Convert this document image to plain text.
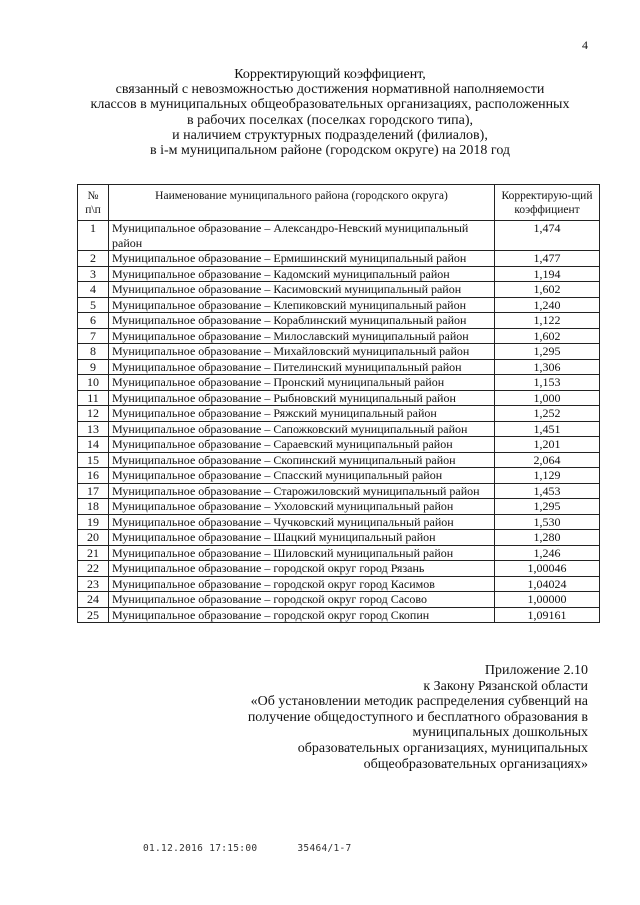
4
Корректирующий коэффициент,
связанный с невозможностью достижения нормативной наполняемости
классов в муниципальных общеобразовательных организациях, расположенных
в рабочих поселках (поселках городского типа),
и наличием структурных подразделений (филиалов),
в i-м муниципальном районе (городском округе) на 2018 год
№ п\п	Наименование муниципального района (городского округа)	Корректирую-щий коэффициент
1	Муниципальное образование – Александро-Невский муниципальный район	1,474
2	Муниципальное образование – Ермишинский муниципальный район	1,477
3	Муниципальное образование – Кадомский муниципальный район	1,194
4	Муниципальное образование – Касимовский муниципальный район	1,602
5	Муниципальное образование – Клепиковский муниципальный район	1,240
6	Муниципальное образование – Кораблинский муниципальный район	1,122
7	Муниципальное образование – Милославский муниципальный район	1,602
8	Муниципальное образование – Михайловский муниципальный район	1,295
9	Муниципальное образование – Пителинский муниципальный район	1,306
10	Муниципальное образование – Пронский муниципальный район	1,153
11	Муниципальное образование – Рыбновский муниципальный район	1,000
12	Муниципальное образование – Ряжский муниципальный район	1,252
13	Муниципальное образование – Сапожковский муниципальный район	1,451
14	Муниципальное образование – Сараевский муниципальный район	1,201
15	Муниципальное образование – Скопинский муниципальный район	2,064
16	Муниципальное образование – Спасский муниципальный район	1,129
17	Муниципальное образование – Старожиловский муниципальный район	1,453
18	Муниципальное образование – Ухоловский муниципальный район	1,295
19	Муниципальное образование – Чучковский муниципальный район	1,530
20	Муниципальное образование – Шацкий муниципальный район	1,280
21	Муниципальное образование – Шиловский муниципальный район	1,246
22	Муниципальное образование – городской округ город Рязань	1,00046
23	Муниципальное образование – городской округ город Касимов	1,04024
24	Муниципальное образование – городской округ город Сасово	1,00000
25	Муниципальное образование – городской округ город Скопин	1,09161
Приложение 2.10
к Закону Рязанской области
«Об установлении методик распределения субвенций на
получение общедоступного и бесплатного образования в
муниципальных дошкольных
образовательных организациях, муниципальных
общеобразовательных организациях»
01.12.2016 17:15:00	35464/1-7
